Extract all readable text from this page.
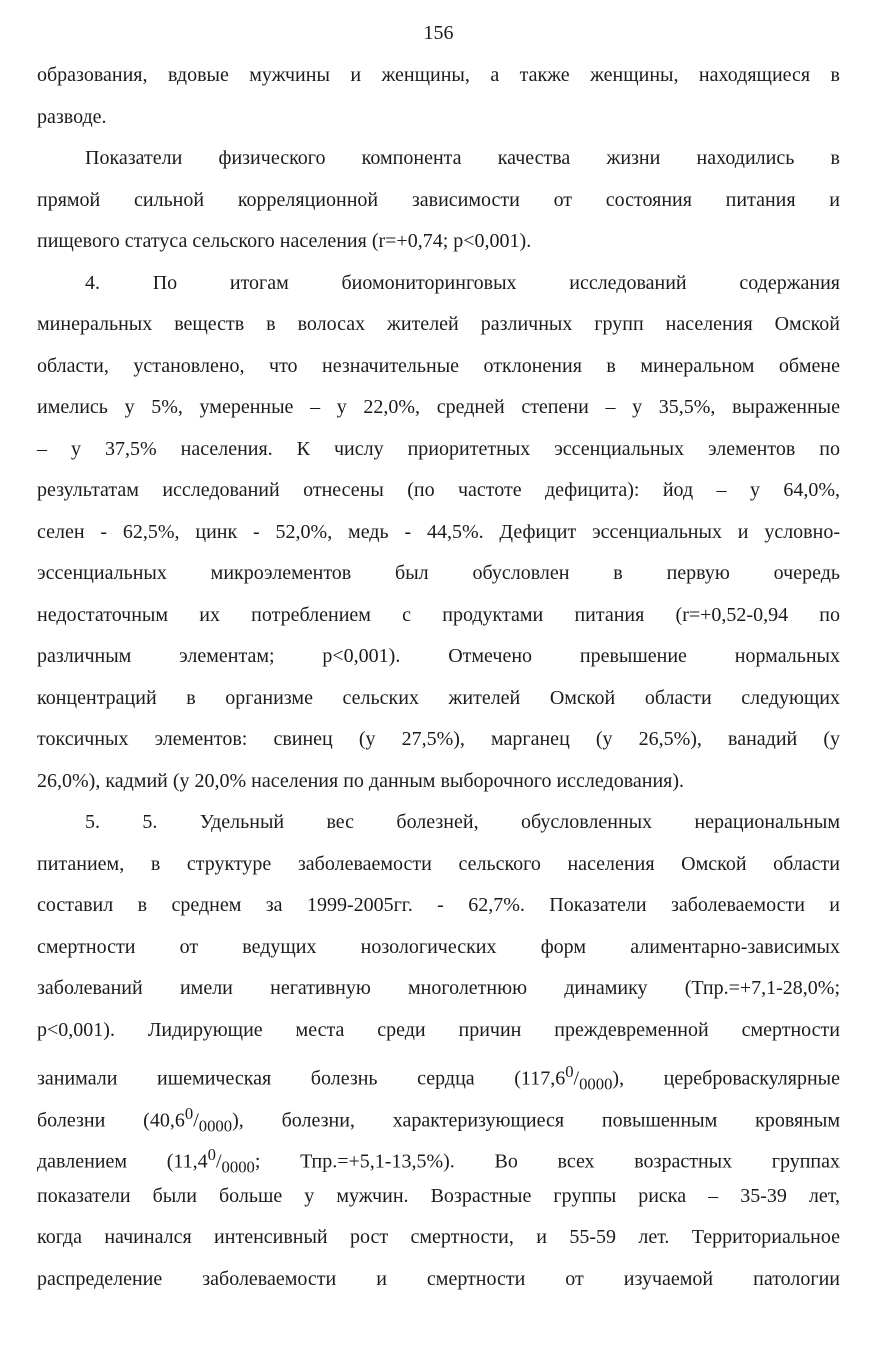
156
образования, вдовые мужчины и женщины, а также женщины, находящиеся в
разводе.
Показатели физического компонента качества жизни находились в
прямой сильной корреляционной зависимости от состояния питания и
пищевого статуса сельского населения (r=+0,74; p<0,001).
4. По итогам биомониторинговых исследований содержания
минеральных веществ в волосах жителей различных групп населения Омской
области, установлено, что незначительные отклонения в минеральном обмене
имелись у 5%, умеренные – у 22,0%, средней степени – у 35,5%, выраженные
– у 37,5% населения. К числу приоритетных эссенциальных элементов по
результатам исследований отнесены (по частоте дефицита): йод – у 64,0%,
селен - 62,5%, цинк - 52,0%, медь - 44,5%. Дефицит эссенциальных и условно-
эссенциальных микроэлементов был обусловлен в первую очередь
недостаточным их потреблением с продуктами питания (r=+0,52-0,94 по
различным элементам; p<0,001). Отмечено превышение нормальных
концентраций в организме сельских жителей Омской области следующих
токсичных элементов: свинец (у 27,5%), марганец (у 26,5%), ванадий (у
26,0%), кадмий (у 20,0% населения по данным выборочного исследования).
5. 5. Удельный вес болезней, обусловленных нерациональным
питанием, в структуре заболеваемости сельского населения Омской области
составил в среднем за 1999-2005гг. - 62,7%. Показатели заболеваемости и
смертности от ведущих нозологических форм алиментарно-зависимых
заболеваний имели негативную многолетнюю динамику (Тпр.=+7,1-28,0%;
p<0,001). Лидирующие места среди причин преждевременной смертности
занимали ишемическая болезнь сердца $(117,6^0/_{0000})$, цереброваскулярные
болезни $(40,6^0/_{0000})$, болезни, характеризующиеся повышенным кровяным
давлением ($11,4^0/_{0000}$; Тпр.=+5,1-13,5%). Во всех возрастных группах
показатели были больше у мужчин. Возрастные группы риска – 35-39 лет,
когда начинался интенсивный рост смертности, и 55-59 лет. Территориальное
распределение заболеваемости и смертности от изучаемой патологии
